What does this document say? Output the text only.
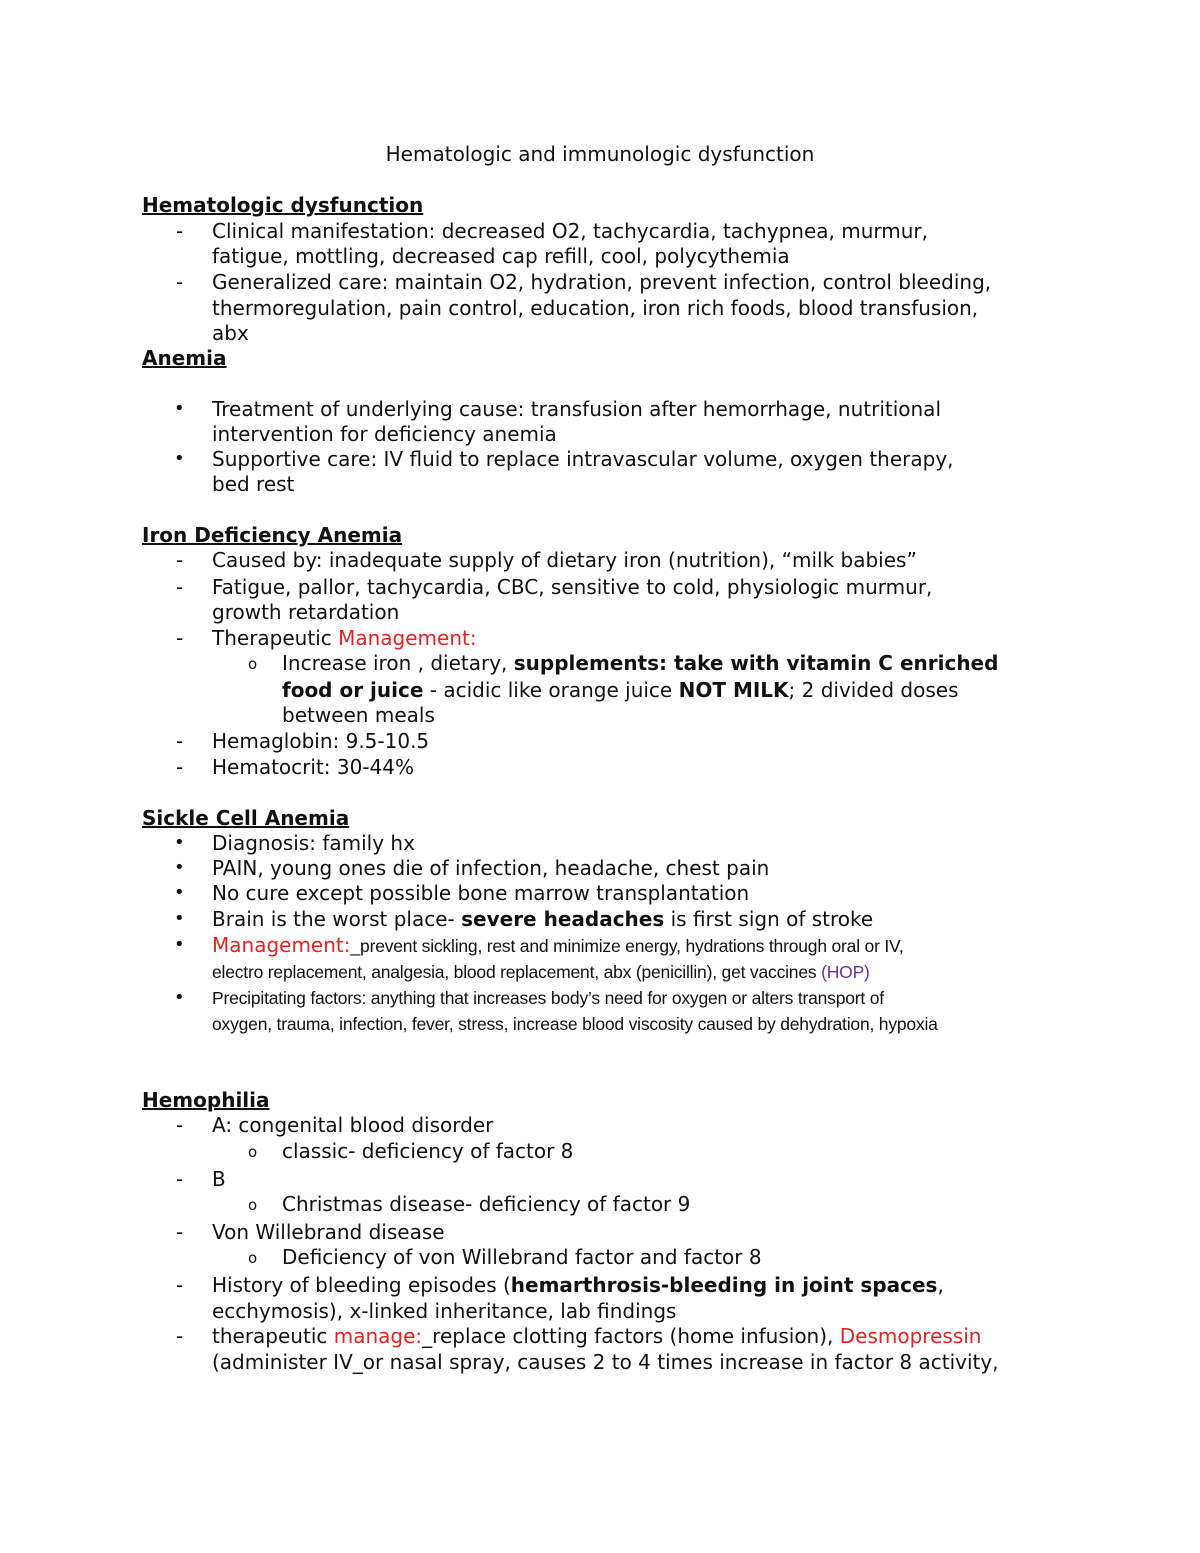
Hematologic and immunologic dysfunction
Hematologic dysfunction
- Clinical manifestation: decreased O2, tachycardia, tachypnea, murmur,
fatigue, mottling, decreased cap refill, cool, polycythemia
- Generalized care: maintain O2, hydration, prevent infection, control bleeding,
thermoregulation, pain control, education, iron rich foods, blood transfusion,
abx
Anemia
• Treatment of underlying cause: transfusion after hemorrhage, nutritional
intervention for deficiency anemia
• Supportive care: IV fluid to replace intravascular volume, oxygen therapy,
bed rest
Iron Deficiency Anemia
- Caused by: inadequate supply of dietary iron (nutrition), “milk babies”
- Fatigue, pallor, tachycardia, CBC, sensitive to cold, physiologic murmur,
growth retardation
- Therapeutic Management:
o Increase iron , dietary, supplements: take with vitamin C enriched
food or juice - acidic like orange juice NOT MILK; 2 divided doses
between meals
- Hemaglobin: 9.5-10.5
- Hematocrit: 30-44%
Sickle Cell Anemia
• Diagnosis: family hx
• PAIN, young ones die of infection, headache, chest pain
• No cure except possible bone marrow transplantation
• Brain is the worst place- severe headaches is first sign of stroke
• Management:_prevent sickling, rest and minimize energy, hydrations through oral or IV,
electro replacement, analgesia, blood replacement, abx (penicillin), get vaccines (HOP)
• Precipitating factors: anything that increases body’s need for oxygen or alters transport of
oxygen, trauma, infection, fever, stress, increase blood viscosity caused by dehydration, hypoxia
Hemophilia
- A: congenital blood disorder
o classic- deficiency of factor 8
- B
o Christmas disease- deficiency of factor 9
- Von Willebrand disease
o Deficiency of von Willebrand factor and factor 8
- History of bleeding episodes (hemarthrosis-bleeding in joint spaces,
ecchymosis), x-linked inheritance, lab findings
- therapeutic manage:_replace clotting factors (home infusion), Desmopressin
(administer IV_or nasal spray, causes 2 to 4 times increase in factor 8 activity,
